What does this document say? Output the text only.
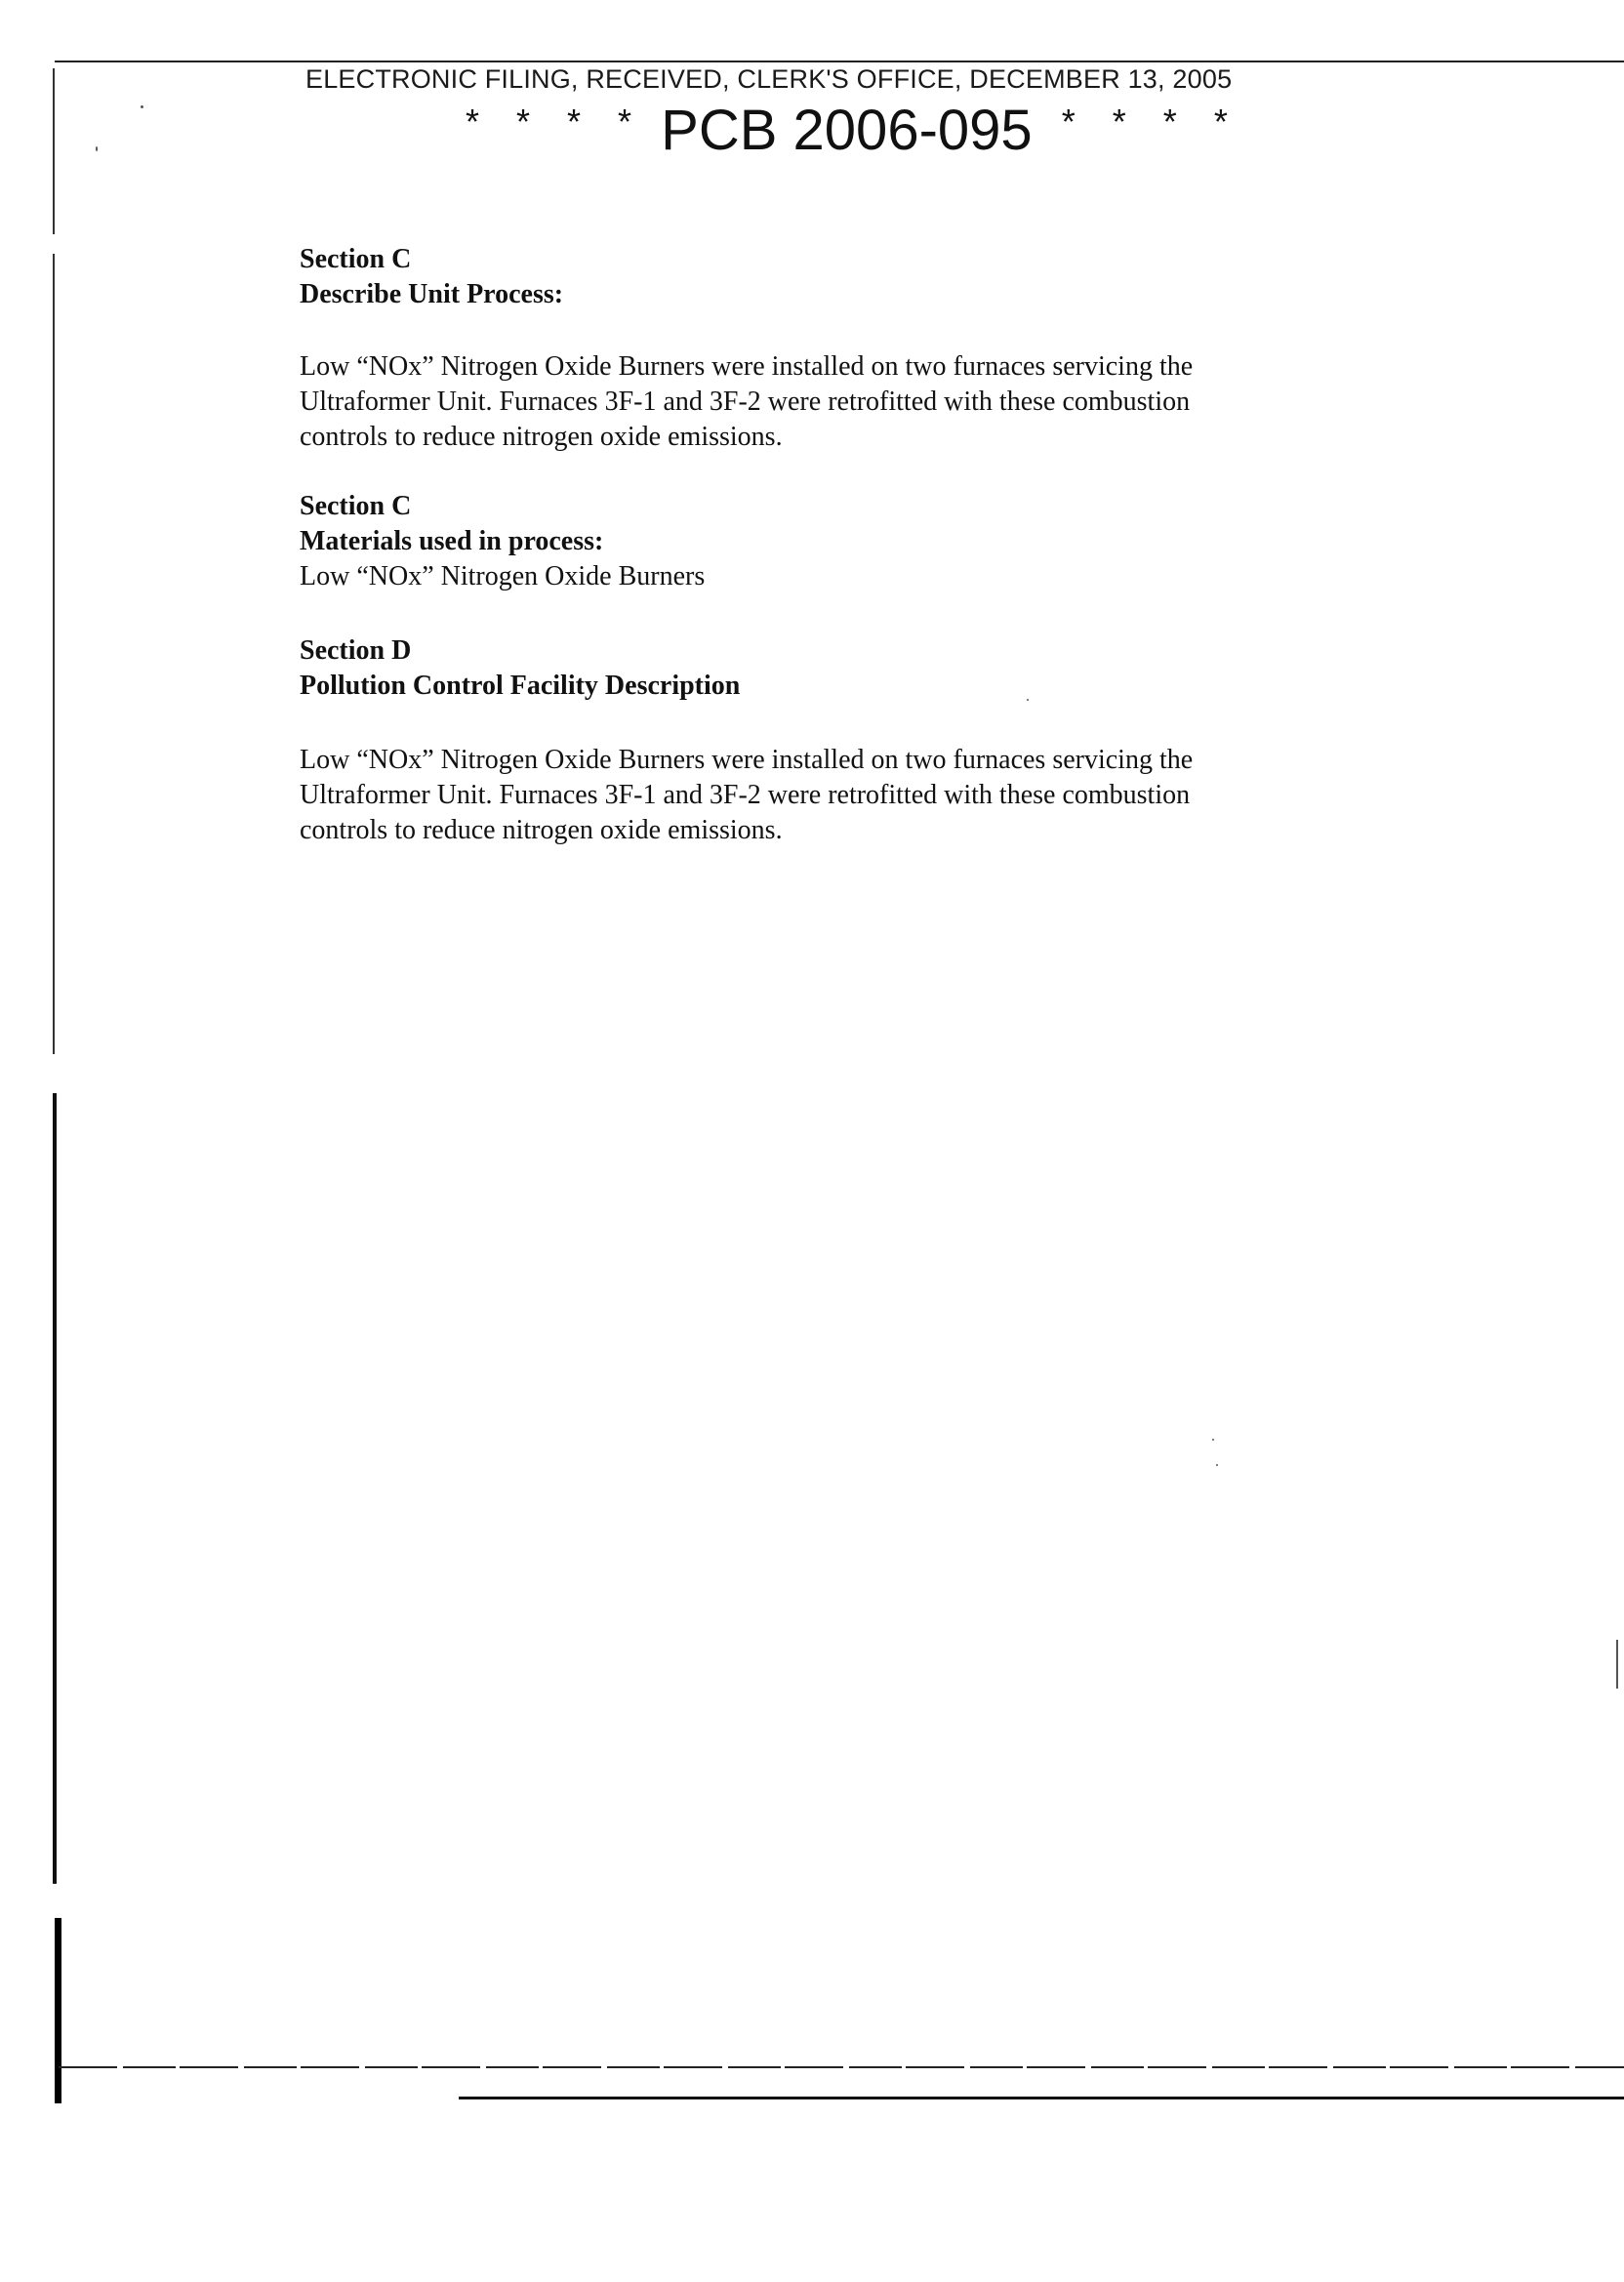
ELECTRONIC FILING, RECEIVED, CLERK'S OFFICE, DECEMBER 13, 2005
* * * * PCB 2006-095 * * * *
Section C
Describe Unit Process:
Low “NOx” Nitrogen Oxide Burners were installed on two furnaces servicing the
Ultraformer Unit. Furnaces 3F-1 and 3F-2 were retrofitted with these combustion
controls to reduce nitrogen oxide emissions.
Section C
Materials used in process:
Low “NOx” Nitrogen Oxide Burners
Section D
Pollution Control Facility Description
Low “NOx” Nitrogen Oxide Burners were installed on two furnaces servicing the
Ultraformer Unit. Furnaces 3F-1 and 3F-2 were retrofitted with these combustion
controls to reduce nitrogen oxide emissions.
